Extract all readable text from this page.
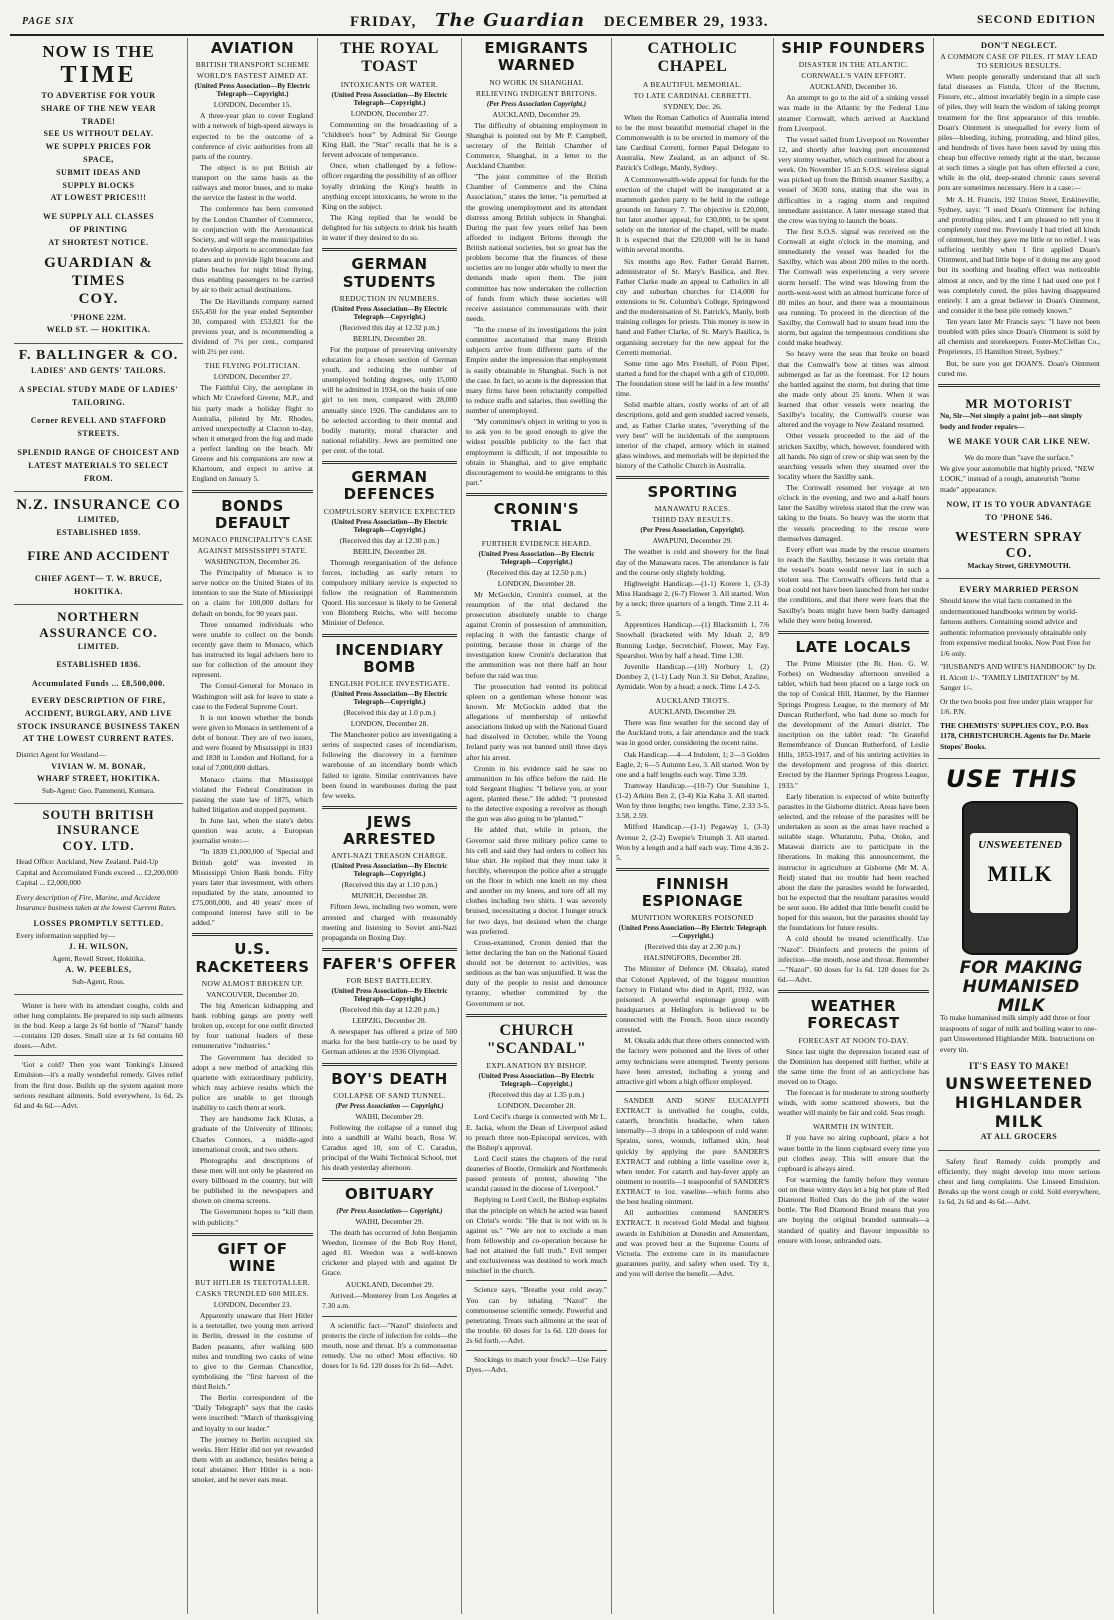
PAGE SIX	FRIDAY, The Guardian DECEMBER 29, 1933.	SECOND EDITION
NOW IS THE
TIME
TO ADVERTISE FOR YOUR
SHARE OF THE NEW YEAR
TRADE!
SEE US WITHOUT DELAY.
WE SUPPLY PRICES FOR
SPACE,
SUBMIT IDEAS AND
SUPPLY BLOCKS
AT LOWEST PRICES!!!
WE SUPPLY ALL CLASSES
OF PRINTING
AT SHORTEST NOTICE.
GUARDIAN & TIMES
COY.
'PHONE 22M.
WELD ST. — HOKITIKA.
F. BALLINGER & CO.
LADIES' AND GENTS' TAILORS.
A SPECIAL STUDY MADE OF LADIES' TAILORING.
Corner REVELL AND STAFFORD STREETS.
SPLENDID RANGE OF CHOICEST AND LATEST MATERIALS TO SELECT FROM.
N.Z. INSURANCE CO
LIMITED,
ESTABLISHED 1859.
FIRE AND ACCIDENT
CHIEF AGENT— T. W. BRUCE, HOKITIKA.
NORTHERN ASSURANCE CO.
LIMITED.
ESTABLISHED 1836.
Accumulated Funds ... £8,500,000.
EVERY DESCRIPTION OF FIRE, ACCIDENT, BURGLARY, AND LIVE STOCK INSURANCE BUSINESS TAKEN AT THE LOWEST CURRENT RATES.
District Agent for Westland—
VIVIAN W. M. BONAR,
WHARF STREET, HOKITIKA.
Sub-Agent: Geo. Pammenti, Kumara.
SOUTH BRITISH INSURANCE
COY. LTD.
Head Office: Auckland, New Zealand. Paid-Up Capital and Accumulated Funds exceed ... £2,200,000
Capital ... £2,000,000
Every description of Fire, Marine, and Accident Insurance business taken at the lowest Current Rates.
LOSSES PROMPTLY SETTLED.
Every information supplied by—
J. H. WILSON,
Agent, Revell Street, Hokitika.
A. W. PEEBLES,
Sub-Agent, Ross.
Winter is here with its attendant coughs, colds and other lung complaints. Be prepared to nip such ailments in the bud. Keep a large 2s 6d bottle of "Nazol" handy—contains 120 doses. Small size at 1s 6d contains 60 doses.—Advt.
'Got a cold? Then you want Tonking's Linseed Emulsion—it's a really wonderful remedy. Gives relief from the first dose. Builds up the system against more serious resultant ailments. Sold everywhere, 1s 6d, 2s 6d and 4s 6d.—Advt.
AVIATION
BRITISH TRANSPORT SCHEME
WORLD'S FASTEST AIMED AT.
(United Press Association—By Electric Telegraph—Copyright.)
LONDON, December 15.
A three-year plan to cover England with a network of high-speed airways is expected to be the outcome of a conference of civic authorities from all parts of the country.
The object is to put British air transport on the same basis as the railways and motor buses, and to make the service the fastest in the world.
The conference has been convened by the London Chamber of Commerce, in conjunction with the Aeronautical Society, and will urge the municipalities to develop airports to accommodate fast planes and to provide light beacons and radio beaches for night blind flying, thus enabling passengers to be carried by air to their actual destinations.
The De Havillands company earned £65,450 for the year ended September 30, compared with £53,821 for the previous year, and is recommending a dividend of 7½ per cent., compared with 2½ per cent.
THE FLYING POLITICIAN.
LONDON, December 27.
The Faithful City, the aeroplane in which Mr Crawford Greene, M.P., and his party made a holiday flight to Australia, piloted by Mr. Rhodes, arrived unexpectedly at Clacton to-day, when it emerged from the fog and made a perfect landing on the beach. Mr Greene and his companions are now at Khartoum, and expect to arrive at England on January 5.
BONDS DEFAULT
MONACO PRINCIPALITY'S CASE
AGAINST MISSISSIPPI STATE.
WASHINGTON, December 26.
The Principality of Monaco is to serve notice on the United States of its intention to sue the State of Mississippi on a claim for 100,000 dollars for default on bonds, for 90 years past.
Three unnamed individuals who were unable to collect on the bonds recently gave them to Monaco, which has instructed its legal advisers here to sue for collection of the amount they represent.
The Consul-General for Monaco in Washington will ask for leave to state a case to the Federal Supreme Court.
It is not known whether the bonds were given to Monaco in settlement of a debt of honour. They are of two issues, and were floated by Mississippi in 1831 and 1838 in London and Holland, for a total of 7,000,000 dollars.
Monaco claims that Mississippi violated the Federal Constitution in passing the state law of 1875, which halted litigation and stopped payment.
In June last, when the state's debts question was acute, a European journalist wrote:—
"In 1839 £1,000,000 of 'Special and British gold' was invested in Mississippi Union Bank bonds. Fifty years later that investment, with others repudiated by the state, amounted to £75,000,000, and 40 years' more of compound interest have still to be added."
U.S. RACKETEERS
NOW ALMOST BROKEN UP.
VANCOUVER, December 20.
The big American kidnapping and bank robbing gangs are pretty well broken up, except for one outfit directed by four national leaders of these remunerative "industries."
The Government has decided to adopt a new method of attacking this quartette with extraordinary publicity, which may achieve results which the police are unable to get through inability to catch them at work.
They are handsome Jack Klutas, a graduate of the University of Illinois; Charles Connors, a middle-aged international crook, and two others.
Photographs and descriptions of these men will not only be plastered on every billboard in the country, but will be published in the newspapers and shown on cinema screens.
The Government hopes to "kill them with publicity."
GIFT OF WINE
BUT HITLER IS TEETOTALLER.
CASKS TRUNDLED 600 MILES.
LONDON, December 23.
Apparently unaware that Herr Hitler is a teetotaller, two young men arrived in Berlin, dressed in the costume of Baden peasants, after walking 600 miles and trundling two casks of wine to give to the German Chancellor, symbolising the "first harvest of the third Reich."
The Berlin correspondent of the "Daily Telegraph" says that the casks were inscribed: "March of thanksgiving and loyalty to our leader."
The journey to Berlin occupied six weeks. Herr Hitler did not yet rewarded them with an audience, besides being a total abstainer. Herr Hitler is a non-smoker, and he never eats meat.
THE ROYAL TOAST
INTOXICANTS OR WATER.
(United Press Association—By Electric Telegraph—Copyright.)
LONDON, December 27.
Commenting on the broadcasting of a "children's hour" by Admiral Sir George King Hall, the "Star" recalls that he is a fervent advocate of temperance.
Once, when challenged by a fellow-officer regarding the possibility of an officer loyally drinking the King's health in anything except intoxicants, he wrote to the King on the subject.
The King replied that he would be delighted for his subjects to drink his health in water if they desired to do so.
GERMAN STUDENTS
REDUCTION IN NUMBERS.
(United Press Association—By Electric Telegraph—Copyright.)
(Received this day at 12.32 p.m.)
BERLIN, December 28.
For the purpose of preserving university education for a chosen section of German youth, and reducing the number of unemployed holding degrees, only 15,000 will be admitted in 1934, on the basis of one girl to ten men, compared with 28,000 annually since 1926. The candidates are to be selected according to their mental and bodily maturity, moral character and national reliability. Jews are permitted one per cent. of the total.
GERMAN DEFENCES
COMPULSORY SERVICE EXPECTED
(United Press Association—By Electric Telegraph—Copyright.)
(Received this day at 12.30 p.m.)
BERLIN, December 28.
Thorough reorganisation of the defence forces, including an early return to compulsory military service is expected to follow the resignation of Rammerstein Quord. His successor is likely to be General von Blomberg Reichs, who will become Minister of Defence.
INCENDIARY BOMB
ENGLISH POLICE INVESTIGATE.
(United Press Association—By Electric Telegraph—Copyright.)
(Received this day at 1.0 p.m.)
LONDON, December 28.
The Manchester police are investigating a series of suspected cases of incendiarism, following the discovery in a furniture warehouse of an incendiary bomb which failed to ignite. Similar contrivances have been found in warehouses during the past few weeks.
JEWS ARRESTED
ANTI-NAZI TREASON CHARGE.
(United Press Association—By Electric Telegraph—Copyright.)
(Received this day at 1.10 p.m.)
MUNICH, December 28.
Fifteen Jews, including two women, were arrested and charged with treasonably meeting and listening to Soviet anti-Nazi propaganda on Boxing Day.
FAFER'S OFFER
FOR BEST BATTLECRY.
(United Press Association—By Electric Telegraph—Copyright.)
(Received this day at 12.20 p.m.)
LEIPZIG, December 28.
A newspaper has offered a prize of 500 marks for the best battle-cry to be used by German athletes at the 1936 Olympiad.
BOY'S DEATH
COLLAPSE OF SAND TUNNEL.
(Per Press Association — Copyright.)
WAIHI, December 29.
Following the collapse of a tunnel dug into a sandhill at Waihi beach, Ross W. Caradus aged 10, son of C. Caradus, principal of the Waihi Technical School, met his death yesterday afternoon.
OBITUARY
(Per Press Association— Copyright.)
WAIHI, December 29.
The death has occurred of John Benjamin Weedon, licensee of the Bob Roy Hotel, aged 81. Weedon was a well-known cricketer and played with and against Dr Grace.
AUCKLAND, December 29.
Arrived.—Monterey from Los Angeles at 7.30 a.m.
A scientific fact—"Nazol" disinfects and protects the circle of infection for colds—the mouth, nose and throat. It's a commonsense remedy. Use no other! Most effective. 60 doses for 1s 6d. 120 doses for 2s 6d—Advt.
EMIGRANTS WARNED
NO WORK IN SHANGHAI.
RELIEVING INDIGENT BRITONS.
(Per Press Association Copyright.)
AUCKLAND, December 29.
The difficulty of obtaining employment in Shanghai is pointed out by Mr P. Campbell, secretary of the British Chamber of Commerce, Shanghai, in a letter to the Auckland Chamber.
"The joint committee of the British Chamber of Commerce and the China Association," states the letter, "is perturbed at the growing unemployment and its attendant distress among British subjects in Shanghai. During the past few years relief has been afforded to indigent Britons through the British national societies, but so great has the problem become that the finances of these societies are no longer able wholly to meet the demands made upon them. The joint committee has now undertaken the collection of funds from which these societies will receive assistance commensurate with their needs.
"In the course of its investigations the joint committee ascertained that many British subjects arrive from different parts of the Empire under the impression that employment is easily obtainable in Shanghai. Such is not the case. In fact, so acute is the depression that many firms have been reluctantly compelled to reduce staffs and salaries, thus swelling the number of unemployed.
"My committee's object in writing to you is to ask you to be good enough to give the widest possible publicity to the fact that employment is difficult, if not impossible to obtain in Shanghai, and to give emphatic discouragement to would-be emigrants to this part."
CRONIN'S TRIAL
FURTHER EVIDENCE HEARD.
(United Press Association—By Electric Telegraph—Copyright.)
(Received this day at 12.50 p.m.)
LONDON, December 28.
Mr McGockin, Cronin's counsel, at the resumption of the trial declared the prosecution absolutely unable to charge against Cronin of possession of ammunition, replacing it with the fantastic charge of pointing, because those in charge of the investigation knew Cronin's declaration that the ammunition was not there half an hour before the raid was true.
The prosecution had vented its political spleen on a gentleman whose honour was known. Mr McGockin added that the allegations of membership of unlawful associations linked up with the National Guard had dissolved in October, while the Young Ireland party was not banned until three days after his arrest.
Cronin in his evidence said he saw no ammunition in his office before the raid. He told Sergeant Hughes: "I believe you, or your agent, planted these." He added: "I protested to the detective exposing a revolver as though the gun was also going to be 'planted.'"
He added that, while in prison, the Governor said three military police came to his cell and said they had orders to collect his blue shirt. He replied that they must take it forcibly, whereupon the police after a struggle on the floor in which one knelt on my chest and another on my knees, and tore off all my clothes including two shirts. I was severely bruised, necessitating a doctor. I hunger struck for two days, but desisted when the charge was preferred.
Cross-examined, Cronin denied that the letter declaring the ban on the National Guard should not be deterrent to activities, was seditious as the ban was unjustified. It was the duty of the people to resist and denounce tyranny, whether committed by the Government or not.
CHURCH "SCANDAL"
EXPLANATION BY BISHOP.
(United Press Association—By Electric Telegraph—Copyright.)
(Received this day at 1.35 p.m.)
LONDON, December 28.
Lord Cecil's charge is connected with Mr L. E. Jacka, whom the Dean of Liverpool asked to preach three non-Episcopal services, with the Bishop's approval.
Lord Cecil states the chapters of the rural deaneries of Bootle, Ormskirk and Northmeols passed protests of protest, showing "the scandal caused in the diocese of Liverpool."
Replying to Lord Cecil, the Bishop explains that the principle on which he acted was based on Christ's words: "He that is not with us is against us." "We are not to exclude a man from fellowship and co-operation because he had not attained the full truth." Evil temper and exclusiveness was destined to work much mischief in the church.
Science says, "Breathe your cold away." You can by inhaling "Nazol" the commonsense scientific remedy. Powerful and penetrating. Treats such ailments at the seat of the trouble. 60 doses for 1s 6d. 120 doses for 2s 6d forth.—Advt.
Stockings to match your frock?—Use Fairy Dyes.—Advt.
CATHOLIC CHAPEL
A BEAUTIFUL MEMORIAL.
TO LATE CARDINAL CERRETTI.
SYDNEY, Dec. 26.
When the Roman Catholics of Australia intend to be the most beautiful memorial chapel in the Commonwealth is to be erected in memory of the late Cardinal Cerretti, former Papal Delegate to Australia, New Zealand, as an adjunct of St. Patrick's College, Manly, Sydney.
A Commonwealth-wide appeal for funds for the erection of the chapel will be inaugurated at a mammoth garden party to be held in the college grounds on January 7. The objective is £20,000, but later another appeal, for £30,000, to be spent solely on the interior of the chapel, will be made. It is expected that the £20,000 will be in hand within several months.
Six months ago Rev. Father Gerald Barrett, administrator of St. Mary's Basilica, and Rev. Father Clarke made an appeal to Catholics in all city and suburban churches for £14,000 for extensions to St. Columba's College, Springwood and the modernisation of St. Patrick's, Manly, both training colleges for priests. This money is now in hand and Father Clarke, of St. Mary's Basilica, is organising secretary for the new appeal for the Cerretti memorial.
Some time ago Mrs Freehill, of Point Piper, started a fund for the chapel with a gift of £10,000. The foundation stone will be laid in a few months' time.
Solid marble altars, costly works of art of all descriptions, gold and gem studded sacred vessels, and, as Father Clarke states, "everything of the very best" will be incidentals of the sumptuous interior of the chapel, armory which in stained glass windows, and memorials will be depicted the history of the Catholic Church in Australia.
SPORTING
MANAWATU RACES.
THIRD DAY RESULTS.
(Per Press Association, Copyright).
AWAPUNI, December 29.
The weather is cold and showery for the final day of the Manawatu races. The attendance is fair and the course only slightly holding.
Highweight Handicap.—(1-1) Korere 1, (3-3) Miss Haudsage 2, (6-7) Flower 3. All started. Won by a neck; three quarters of a length. Time 2.11 4-5.
Apprentices Handicap.—(1) Blacksmith 1, 7/6 Snowball (bracketed with My Idoah 2, 8/9 Running Lodge, Secretchief, Flower, May Fay, Spearshot. Won by half a head. Time 1.30.
Juvenile Handicap.—(10) Norbury 1, (2) Dombey 2, (1-1) Lady Nun 3. Sir Debut, Azaline, Aymidale. Won by a head; a neck. Time 1.4 2-5.
AUCKLAND TROTS.
AUCKLAND, December 29.
There was fine weather for the second day of the Auckland trots, a fair attendance and the track was in good order, considering the recent rains.
Oak Handicap.—4—4 Indolent, 1; 2—3 Golden Eagle, 2; 6—5 Autumn Leo, 3. All started. Won by one and a half lengths each way. Time 3.39.
Tramway Handicap.—(10-7) Our Sunshine 1, (1-2) Arkins Ben 2, (3-4) Kia Kaha 3. All started. Won by three lengths; two lengths. Time, 2.33 3-5, 3.58, 2.59.
Milford Handicap.—(1-1) Pegaway 1, (3-3) Avenue 2, (2-2) Ewepie's Triumph 3. All started. Won by a length and a half each way. Time 4.36 2-5.
FINNISH ESPIONAGE
MUNITION WORKERS POISONED
(United Press Association—By Electric Telegraph—Copyright.)
(Received this day at 2.30 p.m.)
HALSINGFORS, December 28.
The Minister of Defence (M. Oksala), stated that Colonel Appleved, of the biggest munition factory in Finland who died in April, 1932, was poisoned. A powerful espionage group with headquarters at Helingfors is believed to be connected with the French. Soon since recently arrested.
M. Oksala adds that three others connected with the factory were poisoned and the lives of other army technicians were attempted. Twenty persons have been arrested, including a young and attractive girl whom a high officer employed.
SANDER AND SONS' EUCALYPTI EXTRACT is unrivalled for coughs, colds, catarrh, bronchitis headache, when taken internally—3 drops in a tablespoon of cold water. Sprains, sores, wounds, inflamed skin, heal quickly by applying the pure SANDER'S EXTRACT and rubbing a little vaseline over it, when tender. For catarrh and hay-fever apply an ointment to nostrils—1 teaspoonful of SANDER'S EXTRACT to 1oz. vaseline—which forms also the best healing ointment.
All authorities commend SANDER'S EXTRACT. It received Gold Medal and highest awards in Exhibition at Dunedin and Amsterdam, and was proved best at the Supreme Courts of Victoria. The extreme care in its manufacture guarantees purity, and safety when used. Try it, and you will derive the benefit.—Advt.
SHIP FOUNDERS
DISASTER IN THE ATLANTIC.
CORNWALL'S VAIN EFFORT.
AUCKLAND, December 16.
An attempt to go to the aid of a sinking vessel was made in the Atlantic by the Federal Line steamer Cornwall, which arrived at Auckland from Liverpool.
The vessel sailed from Liverpool on November 12, and shortly after leaving port encountered very stormy weather, which continued for about a week. On November 15 an S.O.S. wireless signal was picked up from the British steamer Saxilby, a vessel of 3630 tons, stating that she was in difficulties in a raging storm and required immediate assistance. A later message stated that the crew was trying to launch the boats.
The first S.O.S. signal was received on the Cornwall at eight o'clock in the morning, and immediately the vessel was headed for the Saxilby, which was about 200 miles to the north. The Cornwall was experiencing a very severe storm herself. The wind was blowing from the north-west-west with an almost hurricane force of 80 miles an hour, and there was a mountainous sea running. To proceed in the direction of the Saxilby, the Cornwall had to steam head into the storm, but against the tempestuous conditions she could make headway.
So heavy were the seas that broke on board that the Cornwall's bow at times was almost submerged as far as the foremast. For 12 hours she battled against the storm, but during that time she made only about 25 knots. When it was learned that other vessels were nearing the Saxilby's locality, the Cornwall's course was altered and the voyage to New Zealand resumed.
Other vessels proceeded to the aid of the stricken Saxilby, which, however, foundered with all hands. No sign of crew or ship was seen by the searching vessels when they steamed over the locality where the Saxilby sank.
The Cornwall resumed her voyage at ten o'clock in the evening, and two and a-half hours later the Saxilby wireless stated that the crew was taking to the boats. So heavy was the storm that the vessels proceeding to the rescue were themselves damaged.
Every effort was made by the rescue steamers to reach the Saxilby, because it was certain that the vessel's boats would never last in such a violent sea. The Cornwall's officers held that a boat could not have been launched from her under the conditions, and that there were fears that the Saxilby's boats might have been badly damaged while they were being lowered.
LATE LOCALS
The Prime Minister (the Rt. Hon. G. W. Forbes) on Wednesday afternoon unveiled a tablet, which had been placed on a large rock on the top of Conical Hill, Hanmer, by the Hanmer Springs Progress League, to the memory of Mr Duncan Rutherford, who had done so much for the development of the Amuri district. The inscription on the tablet read: "In Grateful Remembrance of Duncan Rutherford, of Leslie Hills, 1853-1917, and of his untiring activities in the development and progress of this district. Erected by the Hanmer Springs Progress League, 1933."
Early liberation is expected of white butterfly parasites in the Gisborne district. Areas have been selected, and the release of the parasites will be undertaken as soon as the areas have reached a suitable stage. Whatatutu, Puha, Otoko, and Matawai districts are to participate in the liberations. In making this announcement, the instructor in agriculture at Gisborne (Mr M. A. Reid) stated that no trouble had been reached about the date the parasites would be forwarded, but he expected that the resultant parasites would be sent soon. He added that little benefit could be hoped for this season, but the parasites should lay the foundations for future results.
A cold should be treated scientifically. Use "Nazol". Disinfects and protects the points of infection—the mouth, nose and throat. Remember—"Nazol". 60 doses for 1s 6d. 120 doses for 2s 6d.—Advt.
WEATHER FORECAST
FORECAST AT NOON TO-DAY.
Since last night the depression located east of the Dominion has deepened still further, while at the same time the front of an anticyclone has moved on to Otago.
The forecast is for moderate to strong southerly winds, with some scattered showers, but the weather will mainly be fair and cold. Seas rough.
WARMTH IN WINTER.
If you have no airing cupboard, place a hot water bottle in the linen cupboard every time you put clothes away. This will ensure that the cupboard is always aired.
For warming the family before they venture out on these wintry days let a big hot plate of Red Diamond Rolled Oats do the job of the water bottle. The Red Diamond Brand means that you are buying the original branded oatmeals—a standard of quality and flavour impossible to ensure with loose, unbranded oats.
DON'T NEGLECT.
A COMMON CASE OF PILES. IT MAY LEAD TO SERIOUS RESULTS.
When people generally understand that all such fatal diseases as Fistula, Ulcer of the Rectum, Fissure, etc., almost invariably begin in a simple case of piles, they will learn the wisdom of taking prompt treatment for the first appearance of this trouble. Doan's Ointment is unequalled for every form of piles—bleeding, itching, protruding, and blind piles, and hundreds of lives have been saved by using this cheap but effective remedy right at the start, because at such times a single pot has often effected a cure, while in the old, deep-seated chronic cases several pots are sometimes necessary. Here is a case:—
Mr A. H. Francis, 192 Union Street, Erskineville, Sydney, says: "I used Doan's Ointment for itching and protruding piles, and I am pleased to tell you it completely cured me. Previously I had tried all kinds of ointment, but they gave me little or no relief. I was suffering terribly when I first applied Doan's Ointment, and had little hope of it doing me any good but its soothing and healing effect was noticeable almost at once, and by the time I had used one pot I was completely cured, the piles having disappeared entirely. I am a great believer in Doan's Ointment, and consider it the best pile remedy known."
Ten years later Mr Francis says: "I have not been troubled with piles since Doan's Ointment is sold by all chemists and storekeepers. Foster-McClellan Co., Proprietors, 15 Hamilton Street, Sydney."
But, be sure you get DOAN'S. Doan's Ointment cured me.
MR MOTORIST
No, Sir—Not simply a paint job—not simply body and fender repairs—
WE MAKE YOUR CAR LIKE NEW.
We do more than "save the surface."
We give your automobile that highly priced, "NEW LOOK," instead of a rough, amateurish "home made" appearance.
NOW, IT IS TO YOUR ADVANTAGE TO 'PHONE 546.
WESTERN SPRAY CO.
Mackay Street, GREYMOUTH.
EVERY MARRIED PERSON
Should know the vital facts contained in the undermentioned handbooks written by world-famous authors. Containing sound advice and authentic information previously obtainable only from expensive medical books. Now Post Free for 1/6 only.
"HUSBAND'S AND WIFE'S HANDBOOK" by Dr. H. Alcott 1/-. "FAMILY LIMITATION" by M. Sanger 1/-.
Or the two books post free under plain wrapper for 1/6. P.N.
THE CHEMISTS' SUPPLIES COY., P.O. Box 1178, CHRISTCHURCH. Agents for Dr. Marie Stopes' Books.
USE THIS
UNSWEETENED
MILK
FOR MAKING HUMANISED MILK
To make humanised milk simply add three or four teaspoons of sugar of milk and boiling water to one-part Unsweetened Highlander Milk. Instructions on every tin.
IT'S EASY TO MAKE!
UNSWEETENED
HIGHLANDER
MILK
AT ALL GROCERS
Safety first! Remedy colds promptly and efficiently, they might develop into more serious chest and lung complaints. Use Linseed Emulsion. Breaks up the worst cough or cold. Sold everywhere, 1s 6d, 2s 6d and 4s 6d.—Advt.
